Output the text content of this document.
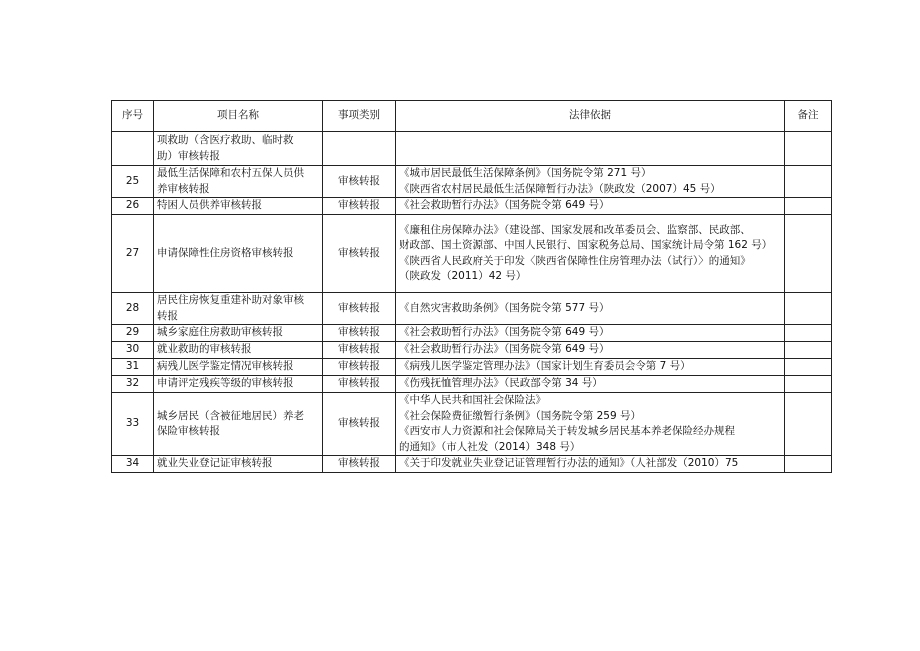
序号	项目名称	事项类别	法律依据	备注

	项救助（含医疗救助、临时救
助）审核转报			

25	最低生活保障和农村五保人员供
养审核转报	审核转报	《城市居民最低生活保障条例》（国务院令第 271 号）
《陕西省农村居民最低生活保障暂行办法》（陕政发（2007）45 号）	

26	特困人员供养审核转报	审核转报	《社会救助暂行办法》（国务院令第 649 号）	

27	申请保障性住房资格审核转报	审核转报	《廉租住房保障办法》（建设部、国家发展和改革委员会、监察部、民政部、
财政部、国土资源部、中国人民银行、国家税务总局、国家统计局令第 162 号）
《陕西省人民政府关于印发〈陕西省保障性住房管理办法（试行）〉的通知》
（陕政发（2011）42 号）	

28	居民住房恢复重建补助对象审核
转报	审核转报	《自然灾害救助条例》（国务院令第 577 号）	

29	城乡家庭住房救助审核转报	审核转报	《社会救助暂行办法》（国务院令第 649 号）	

30	就业救助的审核转报	审核转报	《社会救助暂行办法》（国务院令第 649 号）	

31	病残儿医学鉴定情况审核转报	审核转报	《病残儿医学鉴定管理办法》（国家计划生育委员会令第 7 号）	

32	申请评定残疾等级的审核转报	审核转报	《伤残抚恤管理办法》（民政部令第 34 号）	

33	城乡居民（含被征地居民）养老
保险审核转报	审核转报	《中华人民共和国社会保险法》
《社会保险费征缴暂行条例》（国务院令第 259 号）
《西安市人力资源和社会保障局关于转发城乡居民基本养老保险经办规程
的通知》（市人社发（2014）348 号）	

34	就业失业登记证审核转报	审核转报	《关于印发就业失业登记证管理暂行办法的通知》（人社部发（2010）75	
